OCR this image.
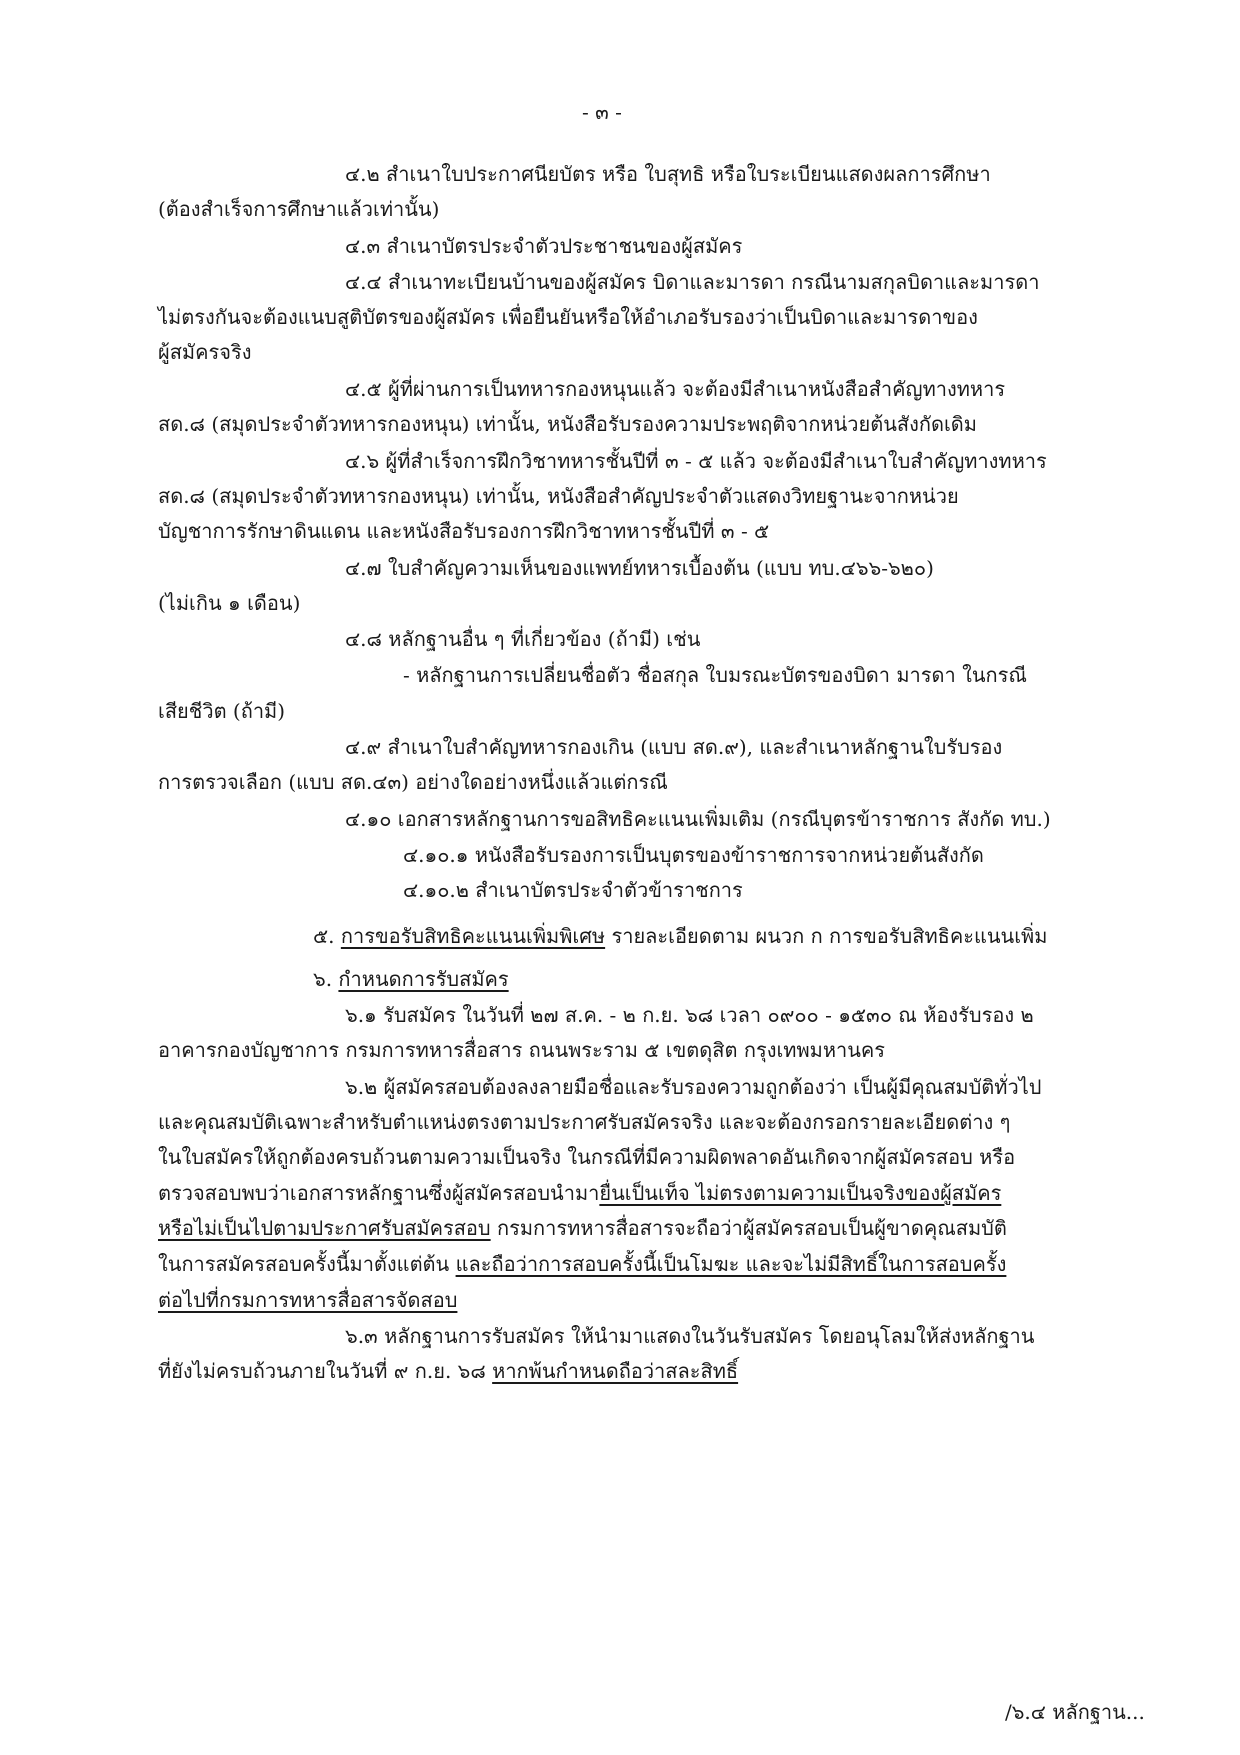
- ๓ -
๔.๒ สำเนาใบประกาศนียบัตร หรือ ใบสุทธิ หรือใบระเบียนแสดงผลการศึกษา
(ต้องสำเร็จการศึกษาแล้วเท่านั้น)
๔.๓ สำเนาบัตรประจำตัวประชาชนของผู้สมัคร
๔.๔ สำเนาทะเบียนบ้านของผู้สมัคร บิดาและมารดา กรณีนามสกุลบิดาและมารดา
ไม่ตรงกันจะต้องแนบสูติบัตรของผู้สมัคร เพื่อยืนยันหรือให้อำเภอรับรองว่าเป็นบิดาและมารดาของ
ผู้สมัครจริง
๔.๕ ผู้ที่ผ่านการเป็นทหารกองหนุนแล้ว จะต้องมีสำเนาหนังสือสำคัญทางทหาร
สด.๘ (สมุดประจำตัวทหารกองหนุน) เท่านั้น, หนังสือรับรองความประพฤติจากหน่วยต้นสังกัดเดิม
๔.๖ ผู้ที่สำเร็จการฝึกวิชาทหารชั้นปีที่ ๓ - ๕ แล้ว จะต้องมีสำเนาใบสำคัญทางทหาร
สด.๘ (สมุดประจำตัวทหารกองหนุน) เท่านั้น, หนังสือสำคัญประจำตัวแสดงวิทยฐานะจากหน่วย
บัญชาการรักษาดินแดน และหนังสือรับรองการฝึกวิชาทหารชั้นปีที่ ๓ - ๕
๔.๗ ใบสำคัญความเห็นของแพทย์ทหารเบื้องต้น (แบบ ทบ.๔๖๖-๖๒๐)
(ไม่เกิน ๑ เดือน)
๔.๘ หลักฐานอื่น ๆ ที่เกี่ยวข้อง (ถ้ามี) เช่น
- หลักฐานการเปลี่ยนชื่อตัว ชื่อสกุล ใบมรณะบัตรของบิดา มารดา ในกรณี
เสียชีวิต (ถ้ามี)
๔.๙ สำเนาใบสำคัญทหารกองเกิน (แบบ สด.๙), และสำเนาหลักฐานใบรับรอง
การตรวจเลือก (แบบ สด.๔๓) อย่างใดอย่างหนึ่งแล้วแต่กรณี
๔.๑๐ เอกสารหลักฐานการขอสิทธิคะแนนเพิ่มเติม (กรณีบุตรข้าราชการ สังกัด ทบ.)
๔.๑๐.๑ หนังสือรับรองการเป็นบุตรของข้าราชการจากหน่วยต้นสังกัด
๔.๑๐.๒ สำเนาบัตรประจำตัวข้าราชการ
๕. การขอรับสิทธิคะแนนเพิ่มพิเศษ รายละเอียดตาม ผนวก ก การขอรับสิทธิคะแนนเพิ่ม
๖. กำหนดการรับสมัคร
๖.๑ รับสมัคร ในวันที่ ๒๗ ส.ค. - ๒ ก.ย. ๖๘ เวลา ๐๙๐๐ - ๑๕๓๐ ณ ห้องรับรอง ๒
อาคารกองบัญชาการ กรมการทหารสื่อสาร ถนนพระราม ๕ เขตดุสิต กรุงเทพมหานคร
๖.๒ ผู้สมัครสอบต้องลงลายมือชื่อและรับรองความถูกต้องว่า เป็นผู้มีคุณสมบัติทั่วไป
และคุณสมบัติเฉพาะสำหรับตำแหน่งตรงตามประกาศรับสมัครจริง และจะต้องกรอกรายละเอียดต่าง ๆ
ในใบสมัครให้ถูกต้องครบถ้วนตามความเป็นจริง ในกรณีที่มีความผิดพลาดอันเกิดจากผู้สมัครสอบ หรือ
ตรวจสอบพบว่าเอกสารหลักฐานซึ่งผู้สมัครสอบนำมายื่นเป็นเท็จ ไม่ตรงตามความเป็นจริงของผู้สมัคร
หรือไม่เป็นไปตามประกาศรับสมัครสอบ กรมการทหารสื่อสารจะถือว่าผู้สมัครสอบเป็นผู้ขาดคุณสมบัติ
ในการสมัครสอบครั้งนี้มาตั้งแต่ต้น และถือว่าการสอบครั้งนี้เป็นโมฆะ และจะไม่มีสิทธิ์ในการสอบครั้ง
ต่อไปที่กรมการทหารสื่อสารจัดสอบ
๖.๓ หลักฐานการรับสมัคร ให้นำมาแสดงในวันรับสมัคร โดยอนุโลมให้ส่งหลักฐาน
ที่ยังไม่ครบถ้วนภายในวันที่ ๙ ก.ย. ๖๘ หากพ้นกำหนดถือว่าสละสิทธิ์
/๖.๔ หลักฐาน...
